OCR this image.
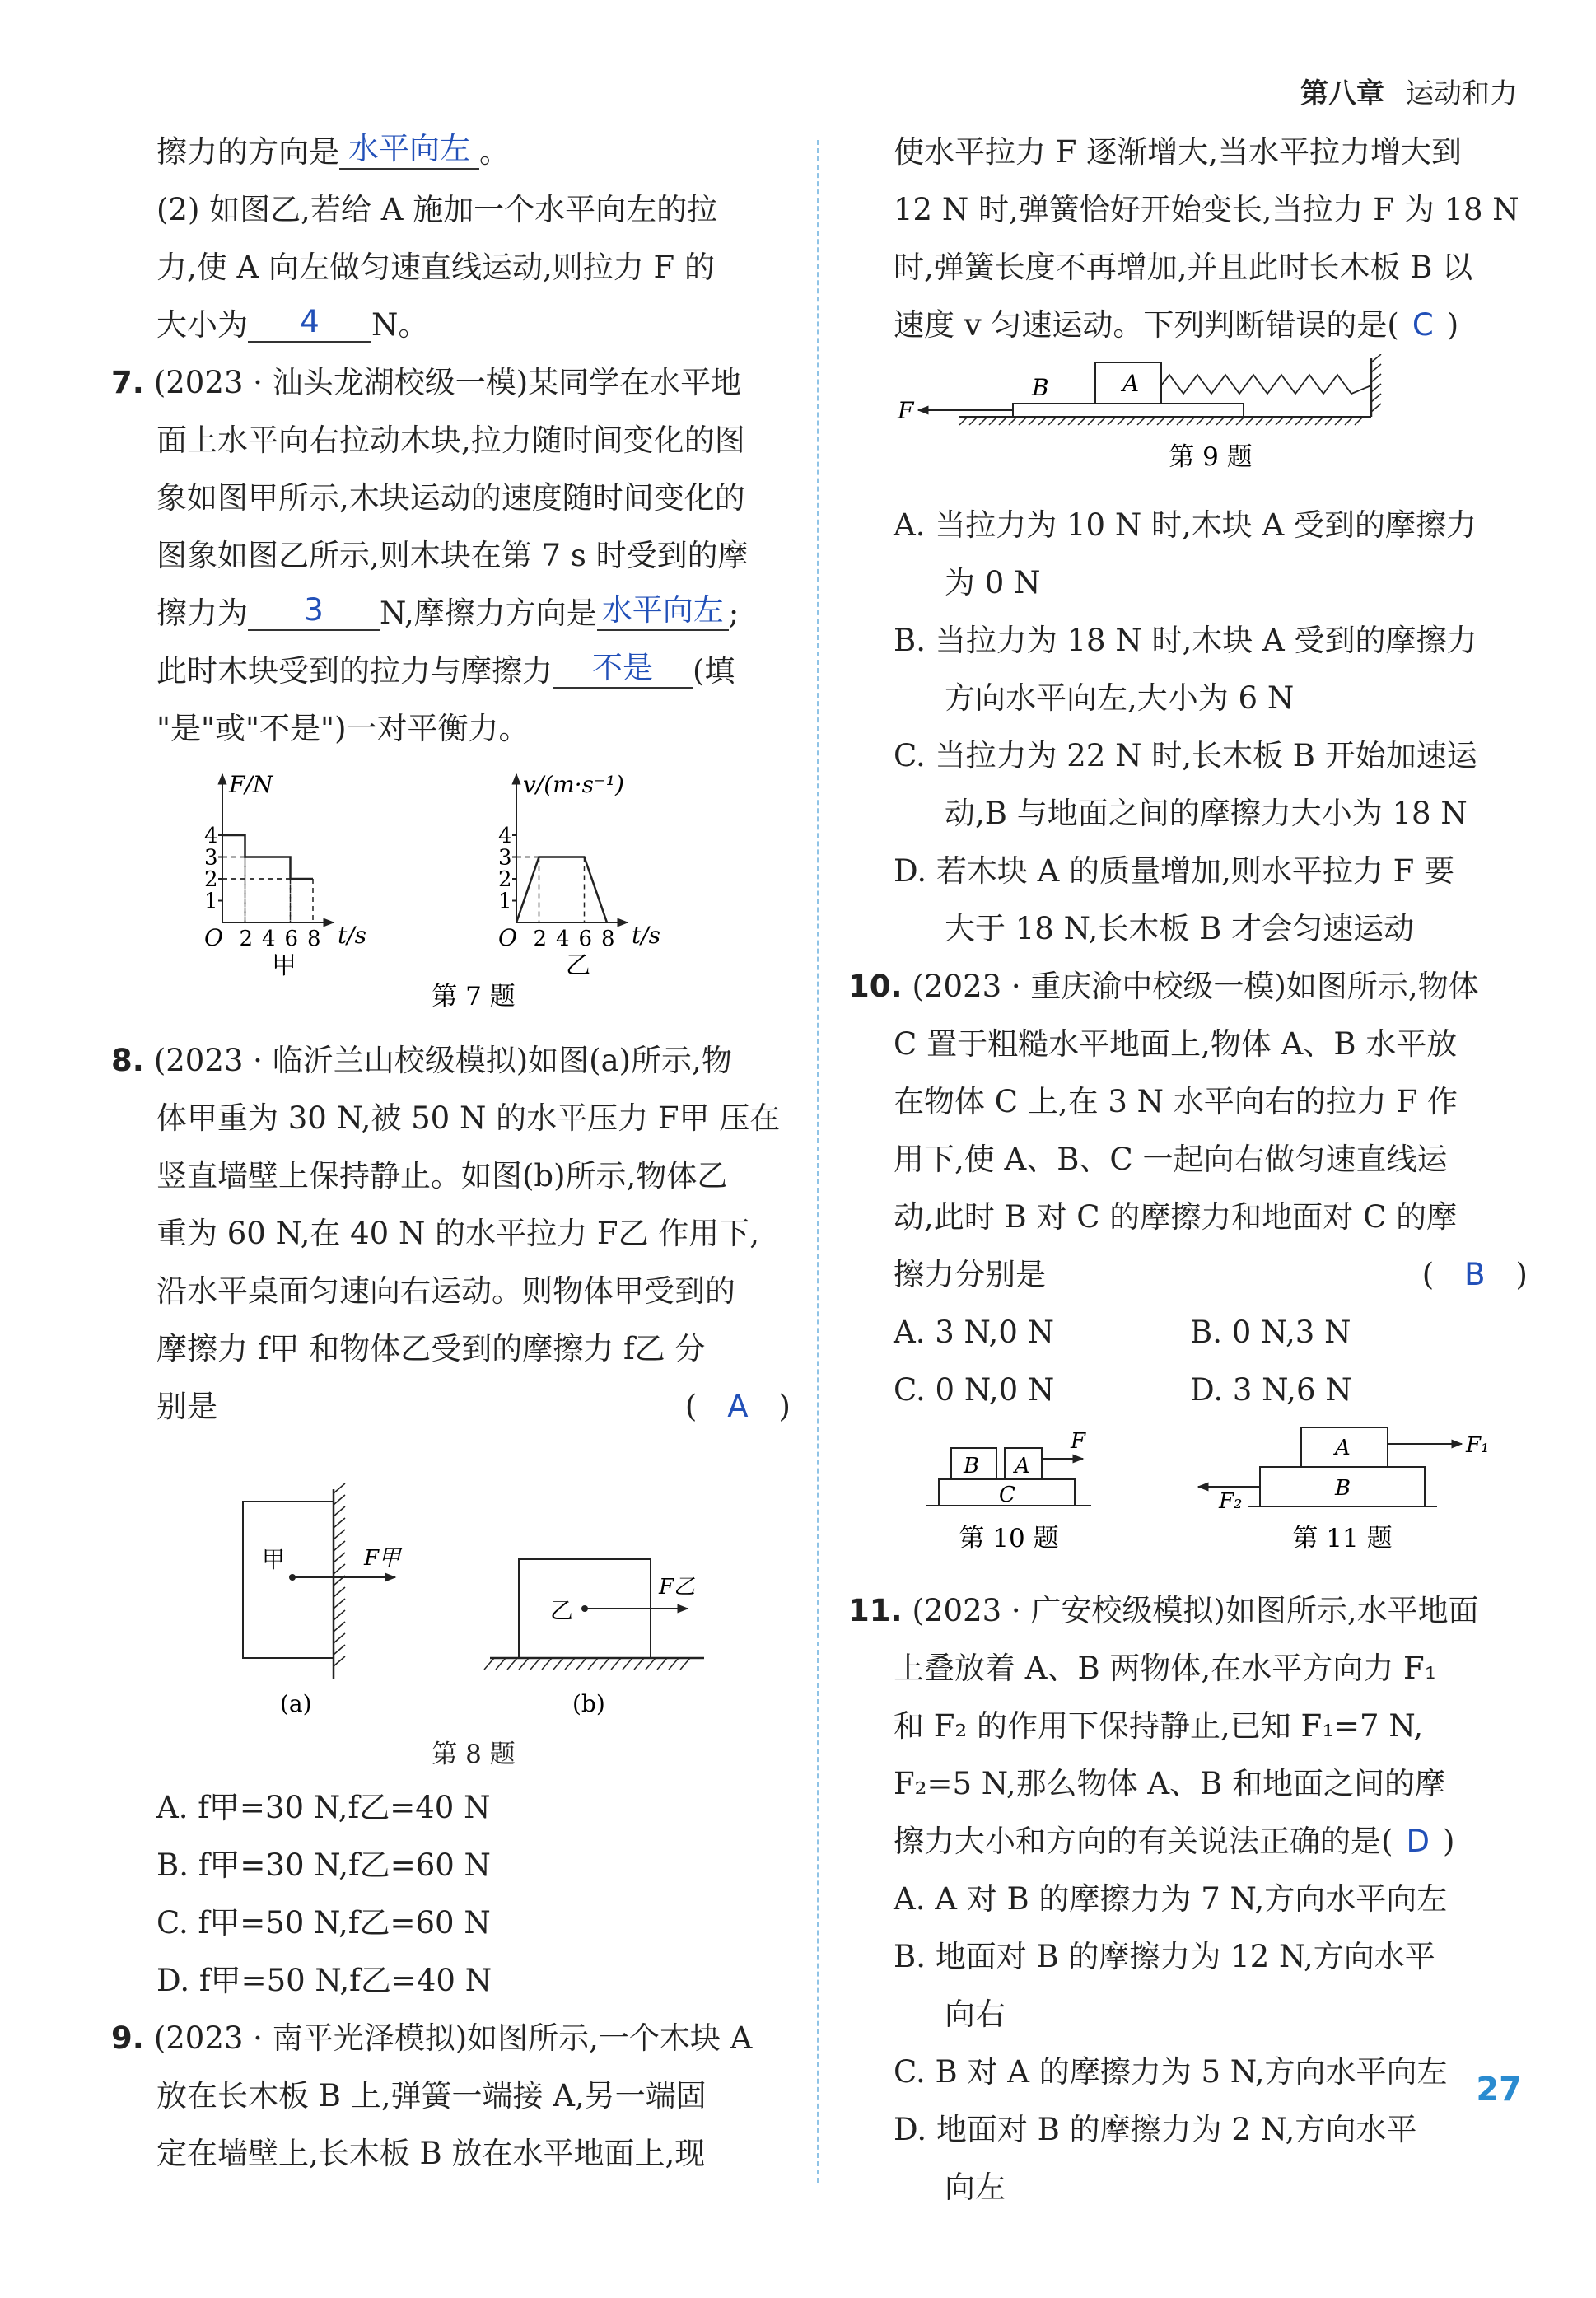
第八章 运动和力
擦力的方向是 水平向左 。
(2) 如图乙,若给 A 施加一个水平向左的拉
力,使 A 向左做匀速直线运动,则拉力 F 的
大小为 4 N。
7. (2023 · 汕头龙湖校级一模)某同学在水平地
面上水平向右拉动木块,拉力随时间变化的图
象如图甲所示,木块运动的速度随时间变化的
图象如图乙所示,则木块在第 7 s 时受到的摩
擦力为 3 N,摩擦力方向是 水平向左 ;
此时木块受到的拉力与摩擦力 不是 (填
"是"或"不是")一对平衡力。
F/N
t/s
O
1
2
3
4
2 4 6 8
甲
v/(m·s⁻¹)
t/s
O
1
2
3
4
2 4 6 8
乙
第 7 题
8. (2023 · 临沂兰山校级模拟)如图(a)所示,物
体甲重为 30 N,被 50 N 的水平压力 F甲 压在
竖直墙壁上保持静止。如图(b)所示,物体乙
重为 60 N,在 40 N 的水平拉力 F乙 作用下,
沿水平桌面匀速向右运动。则物体甲受到的
摩擦力 f甲 和物体乙受到的摩擦力 f乙 分
别是	(　A　)
甲	F甲
(a)
乙
F乙
(b)
第 8 题
A. f甲=30 N,f乙=40 N
B. f甲=30 N,f乙=60 N
C. f甲=50 N,f乙=60 N
D. f甲=50 N,f乙=40 N
9. (2023 · 南平光泽模拟)如图所示,一个木块 A
放在长木板 B 上,弹簧一端接 A,另一端固
定在墙壁上,长木板 B 放在水平地面上,现
使水平拉力 F 逐渐增大,当水平拉力增大到
12 N 时,弹簧恰好开始变长,当拉力 F 为 18 N
时,弹簧长度不再增加,并且此时长木板 B 以
速度 v 匀速运动。下列判断错误的是( C )
A
B
F
第 9 题
A. 当拉力为 10 N 时,木块 A 受到的摩擦力
为 0 N
B. 当拉力为 18 N 时,木块 A 受到的摩擦力
方向水平向左,大小为 6 N
C. 当拉力为 22 N 时,长木板 B 开始加速运
动,B 与地面之间的摩擦力大小为 18 N
D. 若木块 A 的质量增加,则水平拉力 F 要
大于 18 N,长木板 B 才会匀速运动
10. (2023 · 重庆渝中校级一模)如图所示,物体
C 置于粗糙水平地面上,物体 A、B 水平放
在物体 C 上,在 3 N 水平向右的拉力 F 作
用下,使 A、B、C 一起向右做匀速直线运
动,此时 B 对 C 的摩擦力和地面对 C 的摩
擦力分别是	(　B　)
A. 3 N,0 N	B. 0 N,3 N
C. 0 N,0 N	D. 3 N,6 N
B A
C
F
第 10 题
A
B
F₁
F₂
第 11 题
11. (2023 · 广安校级模拟)如图所示,水平地面
上叠放着 A、B 两物体,在水平方向力 F₁
和 F₂ 的作用下保持静止,已知 F₁=7 N,
F₂=5 N,那么物体 A、B 和地面之间的摩
擦力大小和方向的有关说法正确的是( D )
A. A 对 B 的摩擦力为 7 N,方向水平向左
B. 地面对 B 的摩擦力为 12 N,方向水平
向右
C. B 对 A 的摩擦力为 5 N,方向水平向左
D. 地面对 B 的摩擦力为 2 N,方向水平
向左
27
